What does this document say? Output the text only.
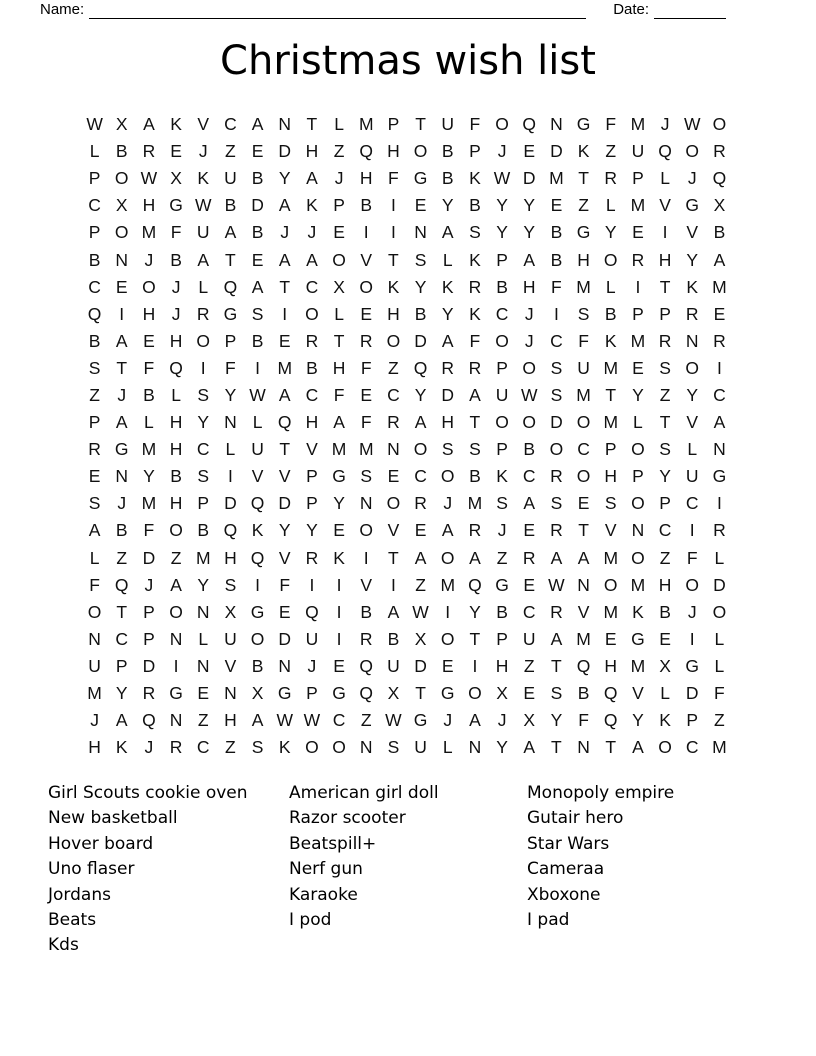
Name:	Date:
Christmas wish list
W X A K V C A N T L M P T U F O Q N G F M J W O
L B R E J Z E D H Z Q H O B P J E D K Z U Q O R
P O W X K U B Y A J H F G B K W D M T R P L	J Q
C X H G W B D A K P B	I	E Y B Y Y E Z L M V G X
P O M F U A B J	J E	I	I	N A S Y Y B G Y E	I	V B
B N J B A T E A A O V T S L K P A B H O R H Y A
C E O J	L Q A T C X O K Y K R B H F M L	I	T K M
Q	I	H J R G S	I	O L E H B Y K C J	I	S B P P R E
B A E H O P B E R T R O D A F O J C F K M R N R
S T F Q	I	F	I M B H F Z Q R R P O S U M E S O	I
Z J B L S Y W A C F E C Y D A U W S M T Y Z Y C
P A L H Y N L Q H A F R A H T O O D O M L T V A
R G M H C L U T V M M N O S S P B O C P O S L N
E N Y B S	I	V V P G S E C O B K C R O H P Y U G
S J M H P D Q D P Y N O R J M S A S E S O P C	I
A B F O B Q K Y Y E O V E A R J E R T V N C	I	R
L Z D Z M H Q V R K	I	T A O A Z R A A M O Z F L
F Q J A Y S	I	F	I	I	V	I	Z M Q G E W N O M H O D
O T P O N X G E Q	I	B A W I	Y B C R V M K B J O
N C P N L U O D U	I	R B X O T P U A M E G E	I	L
U P D	I	N V B N J E Q U D E	I	H Z T Q H M X G L
M Y R G E N X G P G Q X T G O X E S B Q V L D F
J A Q N Z H A W W C Z W G J A J X Y F Q Y K P Z
H K J R C Z S K O O N S U L N Y A T N T A O C M
Girl Scouts cookie oven
New basketball
Hover board
Uno flaser
Jordans
Beats
Kds
American girl doll
Razor scooter
Beatspill+
Nerf gun
Karaoke
I pod
Monopoly empire
Gutair hero
Star Wars
Cameraa
Xboxone
I pad
